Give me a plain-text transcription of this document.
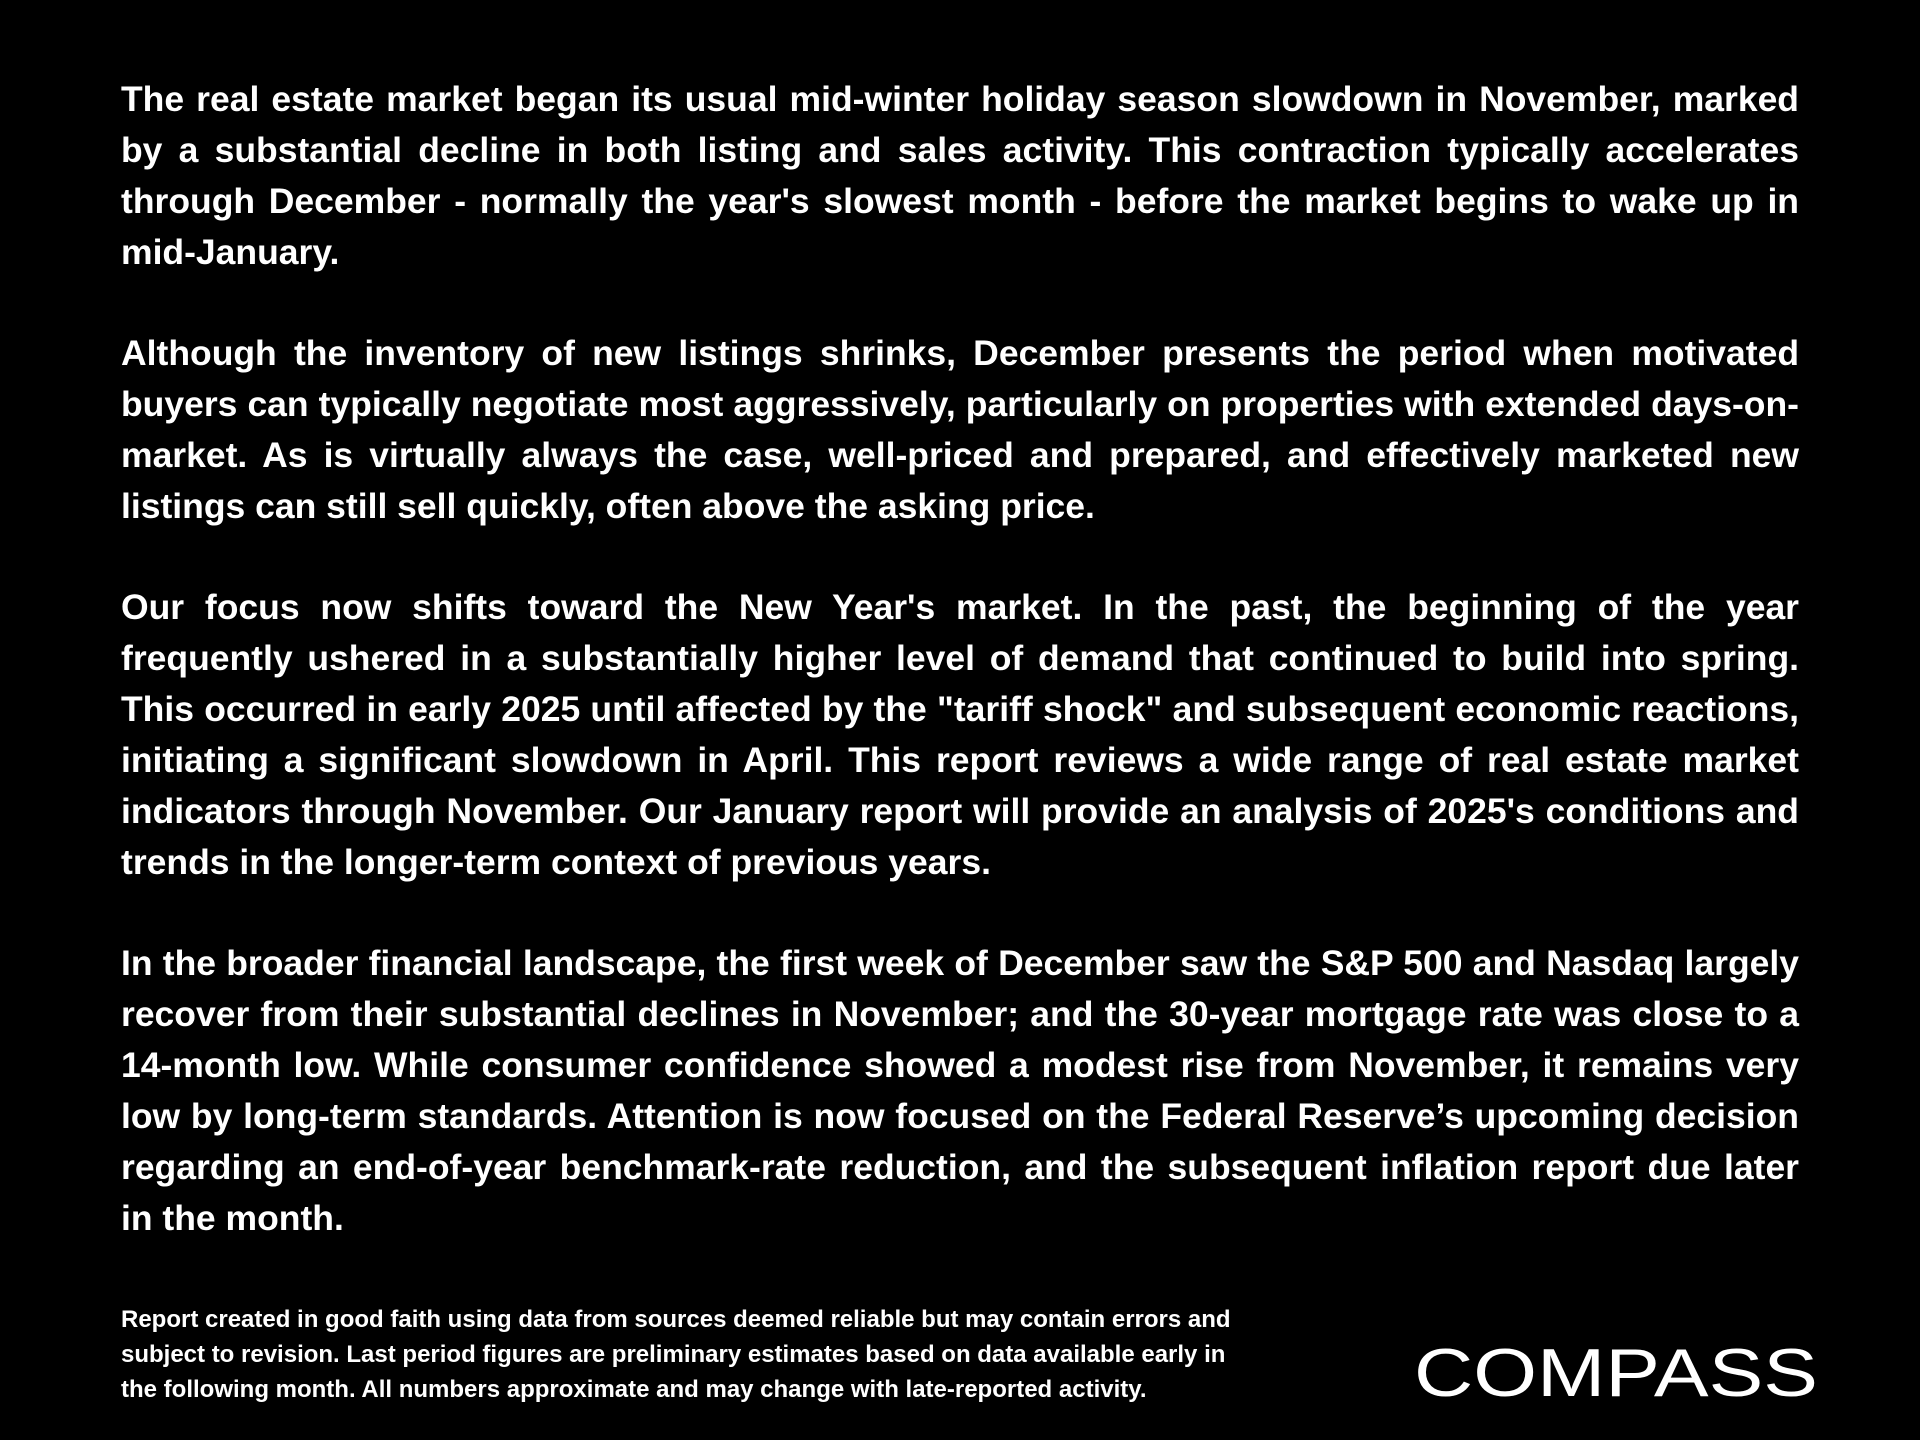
The real estate market began its usual mid-winter holiday season slowdown in November, marked by a substantial decline in both listing and sales activity. This contraction typically accelerates through December - normally the year's slowest month - before the market begins to wake up in mid-January.

Although the inventory of new listings shrinks, December presents the period when motivated buyers can typically negotiate most aggressively, particularly on properties with extended days-on-market. As is virtually always the case, well-priced and prepared, and effectively marketed new listings can still sell quickly, often above the asking price.

Our focus now shifts toward the New Year's market. In the past, the beginning of the year frequently ushered in a substantially higher level of demand that continued to build into spring. This occurred in early 2025 until affected by the "tariff shock" and subsequent economic reactions, initiating a significant slowdown in April. This report reviews a wide range of real estate market indicators through November. Our January report will provide an analysis of 2025's conditions and trends in the longer-term context of previous years.

In the broader financial landscape, the first week of December saw the S&P 500 and Nasdaq largely recover from their substantial declines in November; and the 30-year mortgage rate was close to a 14-month low. While consumer confidence showed a modest rise from November, it remains very low by long-term standards. Attention is now focused on the Federal Reserve’s upcoming decision regarding an end-of-year benchmark-rate reduction, and the subsequent inflation report due later in the month.

Report created in good faith using data from sources deemed reliable but may contain errors and
subject to revision. Last period figures are preliminary estimates based on data available early in
the following month. All numbers approximate and may change with late-reported activity.	COMPASS
